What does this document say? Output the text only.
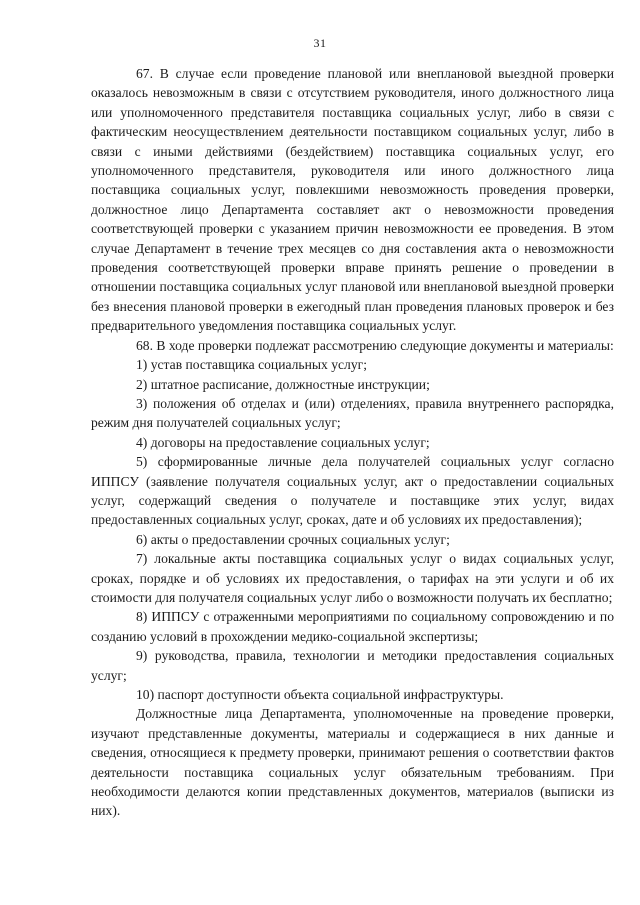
31

67. В случае если проведение плановой или внеплановой выездной проверки оказалось невозможным в связи с отсутствием руководителя, иного должностного лица или уполномоченного представителя поставщика социальных услуг, либо в связи с фактическим неосуществлением деятельности поставщиком социальных услуг, либо в связи с иными действиями (бездействием) поставщика социальных услуг, его уполномоченного представителя, руководителя или иного должностного лица поставщика социальных услуг, повлекшими невозможность проведения проверки, должностное лицо Департамента составляет акт о невозможности проведения соответствующей проверки с указанием причин невозможности ее проведения. В этом случае Департамент в течение трех месяцев со дня составления акта о невозможности проведения соответствующей проверки вправе принять решение о проведении в отношении поставщика социальных услуг плановой или внеплановой выездной проверки без внесения плановой проверки в ежегодный план проведения плановых проверок и без предварительного уведомления поставщика социальных услуг.

68. В ходе проверки подлежат рассмотрению следующие документы и материалы:

1) устав поставщика социальных услуг;

2) штатное расписание, должностные инструкции;

3) положения об отделах и (или) отделениях, правила внутреннего распорядка, режим дня получателей социальных услуг;

4) договоры на предоставление социальных услуг;

5) сформированные личные дела получателей социальных услуг согласно ИППСУ (заявление получателя социальных услуг, акт о предоставлении социальных услуг, содержащий сведения о получателе и поставщике этих услуг, видах предоставленных социальных услуг, сроках, дате и об условиях их предоставления);

6) акты о предоставлении срочных социальных услуг;

7) локальные акты поставщика социальных услуг о видах социальных услуг, сроках, порядке и об условиях их предоставления, о тарифах на эти услуги и об их стоимости для получателя социальных услуг либо о возможности получать их бесплатно;

8) ИППСУ с отраженными мероприятиями по социальному сопровождению и по созданию условий в прохождении медико-социальной экспертизы;

9) руководства, правила, технологии и методики предоставления социальных услуг;

10) паспорт доступности объекта социальной инфраструктуры.

Должностные лица Департамента, уполномоченные на проведение проверки, изучают представленные документы, материалы и содержащиеся в них данные и сведения, относящиеся к предмету проверки, принимают решения о соответствии фактов деятельности поставщика социальных услуг обязательным требованиям. При необходимости делаются копии представленных документов, материалов (выписки из них).
